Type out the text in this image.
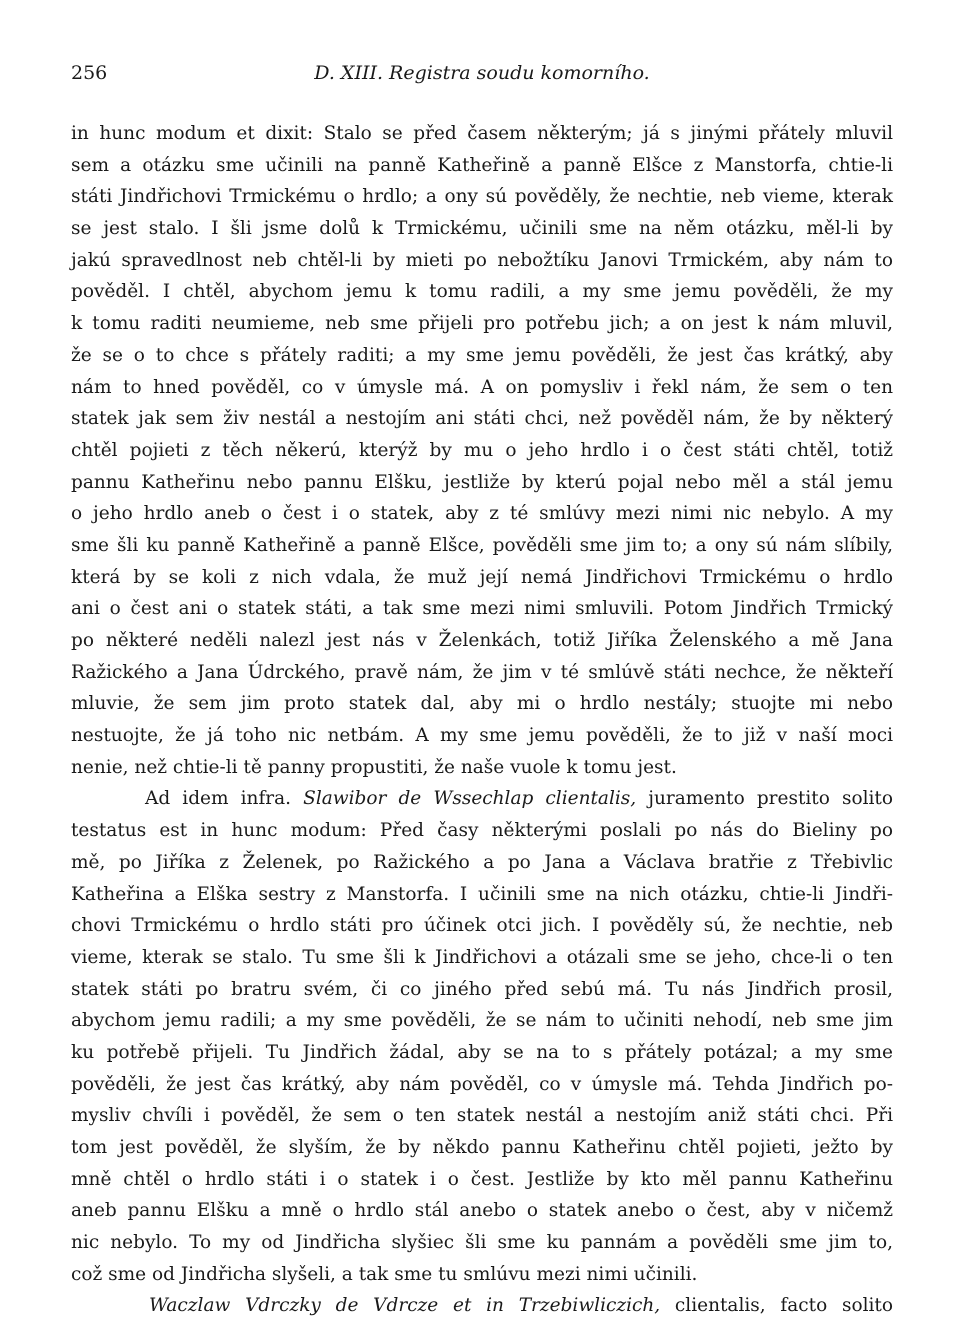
256	D. XIII. Registra soudu komorního.
in hunc modum et dixit: Stalo se před časem některým; já s jinými přátely mluvil
sem a otázku sme učinili na panně Katheřině a panně Elšce z Manstorfa, chtie-li
státi Jindřichovi Trmickému o hrdlo; a ony sú pověděly, že nechtie, neb vieme, kterak
se jest stalo. I šli jsme dolů k Trmickému, učinili sme na něm otázku, měl-li by
jakú spravedlnost neb chtěl-li by mieti po nebožtíku Janovi Trmickém, aby nám to
pověděl. I chtěl, abychom jemu k tomu radili, a my sme jemu pověděli, že my
k tomu raditi neumieme, neb sme přijeli pro potřebu jich; a on jest k nám mluvil,
že se o to chce s přátely raditi; a my sme jemu pověděli, že jest čas krátký, aby
nám to hned pověděl, co v úmysle má. A on pomysliv i řekl nám, že sem o ten
statek jak sem živ nestál a nestojím ani státi chci, než pověděl nám, že by některý
chtěl pojieti z těch někerú, kterýž by mu o jeho hrdlo i o čest státi chtěl, totiž
pannu Katheřinu nebo pannu Elšku, jestliže by kterú pojal nebo měl a stál jemu
o jeho hrdlo aneb o čest i o statek, aby z té smlúvy mezi nimi nic nebylo. A my
sme šli ku panně Katheřině a panně Elšce, pověděli sme jim to; a ony sú nám slíbily,
která by se koli z nich vdala, že muž její nemá Jindřichovi Trmickému o hrdlo
ani o čest ani o statek státi, a tak sme mezi nimi smluvili. Potom Jindřich Trmický
po některé neděli nalezl jest nás v Želenkách, totiž Jiříka Želenského a mě Jana
Ražického a Jana Údrckého, pravě nám, že jim v té smlúvě státi nechce, že někteří
mluvie, že sem jim proto statek dal, aby mi o hrdlo nestály; stuojte mi nebo
nestuojte, že já toho nic netbám. A my sme jemu pověděli, že to již v naší moci
nenie, než chtie-li tě panny propustiti, že naše vuole k tomu jest.
Ad idem infra. Slawibor de Wssechlap clientalis, juramento prestito solito
testatus est in hunc modum: Před časy některými poslali po nás do Bieliny po
mě, po Jiříka z Želenek, po Ražického a po Jana a Václava bratřie z Třebivlic
Katheřina a Elška sestry z Manstorfa. I učinili sme na nich otázku, chtie-li Jindři-
chovi Trmickému o hrdlo státi pro účinek otci jich. I pověděly sú, že nechtie, neb
vieme, kterak se stalo. Tu sme šli k Jindřichovi a otázali sme se jeho, chce-li o ten
statek státi po bratru svém, či co jiného před sebú má. Tu nás Jindřich prosil,
abychom jemu radili; a my sme pověděli, že se nám to učiniti nehodí, neb sme jim
ku potřebě přijeli. Tu Jindřich žádal, aby se na to s přátely potázal; a my sme
pověděli, že jest čas krátký, aby nám pověděl, co v úmysle má. Tehda Jindřich po-
mysliv chvíli i pověděl, že sem o ten statek nestál a nestojím aniž státi chci. Při
tom jest pověděl, že slyším, že by někdo pannu Katheřinu chtěl pojieti, ježto by
mně chtěl o hrdlo státi i o statek i o čest. Jestliže by kto měl pannu Katheřinu
aneb pannu Elšku a mně o hrdlo stál anebo o statek anebo o čest, aby v ničemž
nic nebylo. To my od Jindřicha slyšiec šli sme ku pannám a pověděli sme jim to,
což sme od Jindřicha slyšeli, a tak sme tu smlúvu mezi nimi učinili.
Waczlaw Vdrczky de Vdrcze et in Trzebiwliczich, clientalis, facto solito
